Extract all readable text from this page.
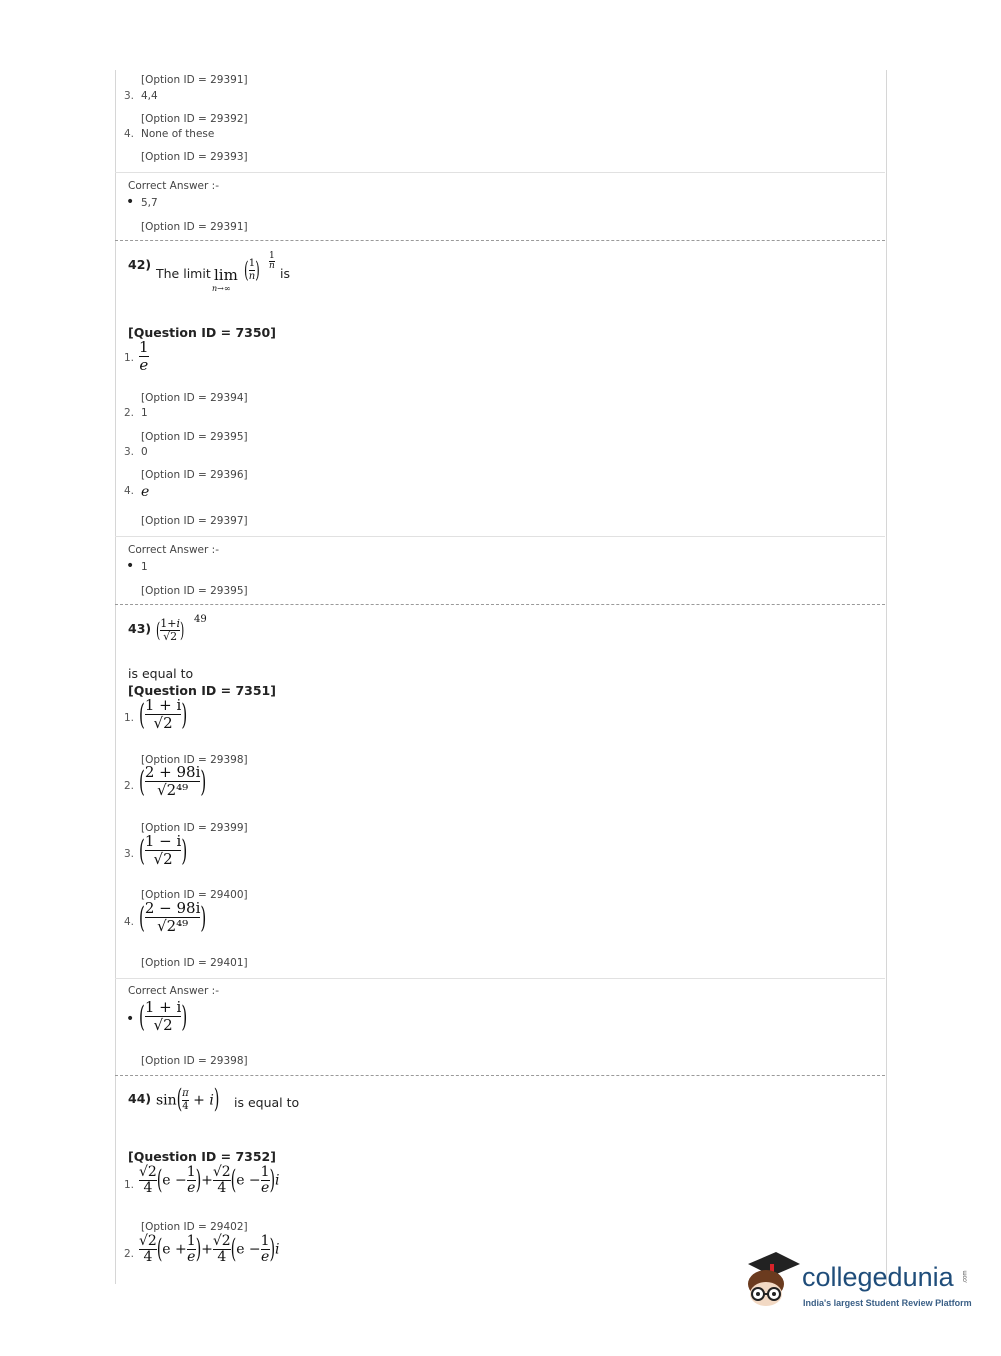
[Option ID = 29391]
3. 4,4
[Option ID = 29392]
4. None of these
[Option ID = 29393]
Correct Answer :-
• 5,7
[Option ID = 29391]
42)
The limit lim
n→∞
( $\frac{1}{n}$ ) $\frac{1}{n}$
is
[Question ID = 7350]
1. $\frac{1}{e}$
[Option ID = 29394]
2. 1
[Option ID = 29395]
3. 0
[Option ID = 29396]
4. e
[Option ID = 29397]
Correct Answer :-
• 1
[Option ID = 29395]
43) ( $\frac{1+i}{√2}$ ) 49
is equal to
[Question ID = 7351]
1. ( $\frac{1 + i}{√2}$ )
[Option ID = 29398]
2. ( $\frac{2 + 98i}{\text{√2⁴⁹}}$ )
[Option ID = 29399]
3. ( $\frac{1 - i}{√2}$ )
[Option ID = 29400]
4. ( $\frac{2 - 98i}{\text{√2⁴⁹}}$ )
[Option ID = 29401]
Correct Answer :-
• ( $\frac{1 + i}{√2}$ )
[Option ID = 29398]
44) $\sin( \frac{\pi}{4} + i)$ is equal to
[Question ID = 7352]
1. $\frac{√2}{4} (e - \frac{1}{e}$ )+ $\frac{√2}{4} (e - \frac{1}{e} )i$
[Option ID = 29402]
2. $\frac{√2}{4} (e + \frac{1}{e}$ )+ $\frac{√2}{4} (e - \frac{1}{e} )i$
collegedunia .com
India's largest Student Review Platform
